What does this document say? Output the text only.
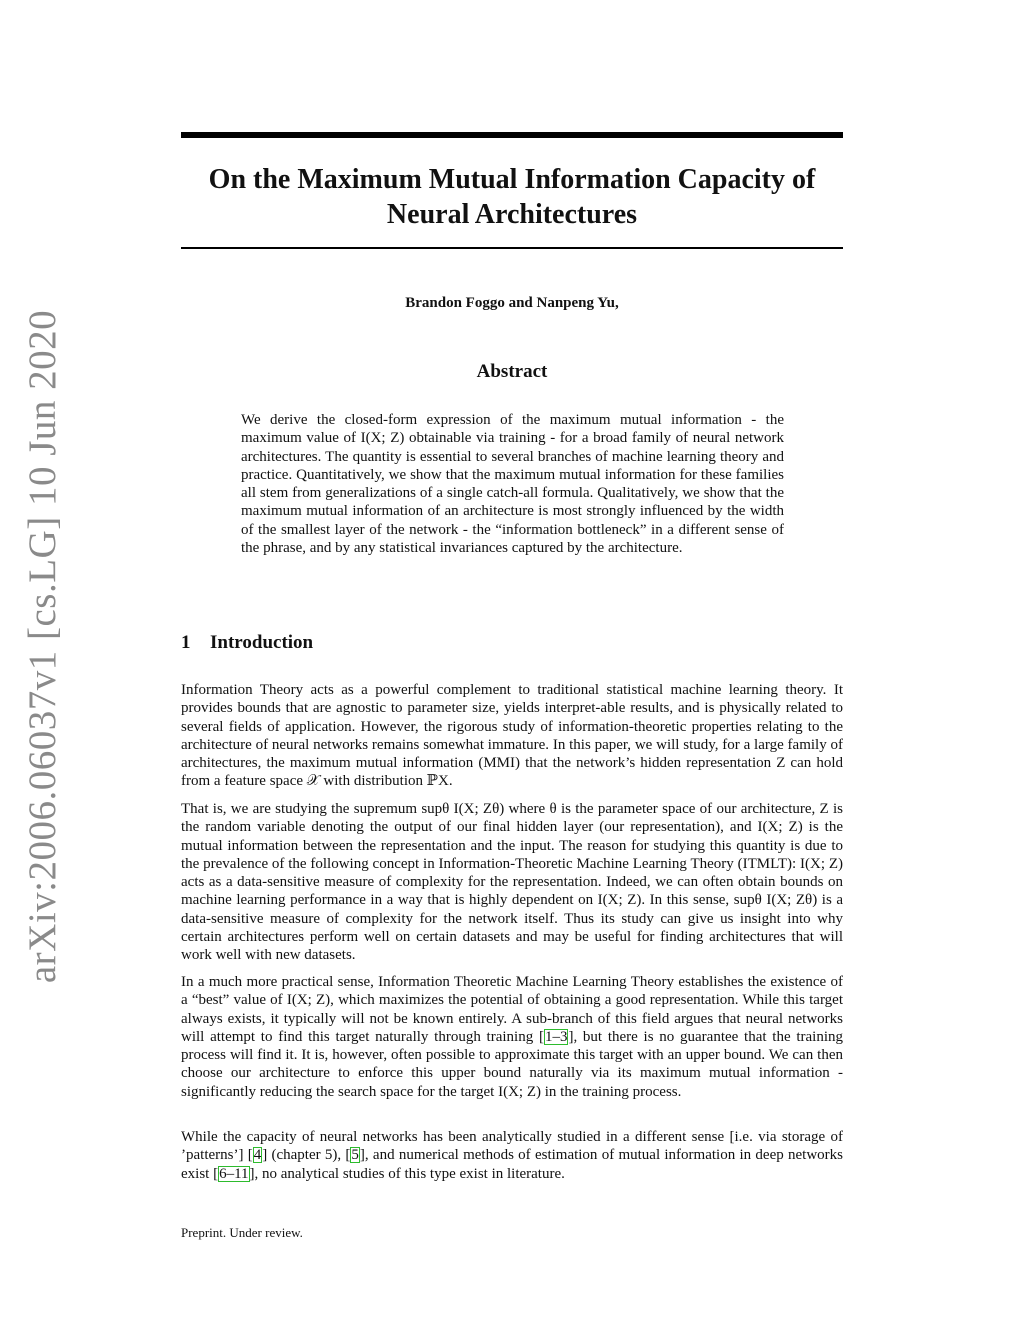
arXiv:2006.06037v1 [cs.LG] 10 Jun 2020
On the Maximum Mutual Information Capacity of Neural Architectures
Brandon Foggo and Nanpeng Yu,
Abstract

We derive the closed-form expression of the maximum mutual information - the maximum value of I(X; Z) obtainable via training - for a broad family of neural network architectures. The quantity is essential to several branches of machine learning theory and practice. Quantitatively, we show that the maximum mutual information for these families all stem from generalizations of a single catch-all formula. Qualitatively, we show that the maximum mutual information of an architecture is most strongly influenced by the width of the smallest layer of the network - the “information bottleneck” in a different sense of the phrase, and by any statistical invariances captured by the architecture.

1 Introduction

Information Theory acts as a powerful complement to traditional statistical machine learning theory. It provides bounds that are agnostic to parameter size, yields interpret-able results, and is physically related to several fields of application. However, the rigorous study of information-theoretic properties relating to the architecture of neural networks remains somewhat immature. In this paper, we will study, for a large family of architectures, the maximum mutual information (MMI) that the network’s hidden representation Z can hold from a feature space 𝒳 with distribution ℙX.

That is, we are studying the supremum supθ I(X; Zθ) where θ is the parameter space of our architecture, Z is the random variable denoting the output of our final hidden layer (our representation), and I(X; Z) is the mutual information between the representation and the input. The reason for studying this quantity is due to the prevalence of the following concept in Information-Theoretic Machine Learning Theory (ITMLT): I(X; Z) acts as a data-sensitive measure of complexity for the representation. Indeed, we can often obtain bounds on machine learning performance in a way that is highly dependent on I(X; Z). In this sense, supθ I(X; Zθ) is a data-sensitive measure of complexity for the network itself. Thus its study can give us insight into why certain architectures perform well on certain datasets and may be useful for finding architectures that will work well with new datasets.

In a much more practical sense, Information Theoretic Machine Learning Theory establishes the existence of a “best” value of I(X; Z), which maximizes the potential of obtaining a good representation. While this target always exists, it typically will not be known entirely. A sub-branch of this field argues that neural networks will attempt to find this target naturally through training [1–3], but there is no guarantee that the training process will find it. It is, however, often possible to approximate this target with an upper bound. We can then choose our architecture to enforce this upper bound naturally via its maximum mutual information - significantly reducing the search space for the target I(X; Z) in the training process.

While the capacity of neural networks has been analytically studied in a different sense [i.e. via storage of ’patterns’] [4] (chapter 5), [5], and numerical methods of estimation of mutual information in deep networks exist [6–11], no analytical studies of this type exist in literature.

Preprint. Under review.
